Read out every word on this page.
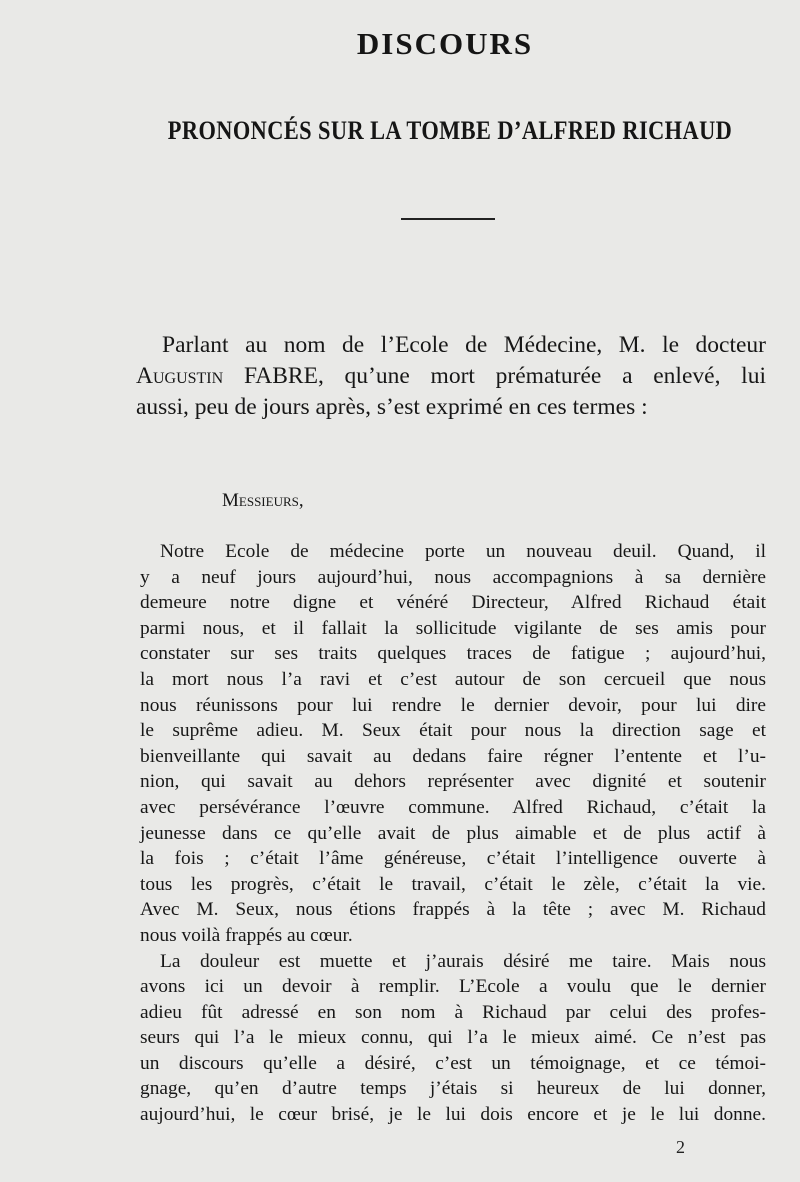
DISCOURS
PRONONCÉS SUR LA TOMBE D’ALFRED RICHAUD

Parlant au nom de l’Ecole de Médecine, M. le docteur
Augustin FABRE, qu’une mort prématurée a enlevé, lui
aussi, peu de jours après, s’est exprimé en ces termes :

Messieurs,

Notre Ecole de médecine porte un nouveau deuil. Quand, il
y a neuf jours aujourd’hui, nous accompagnions à sa dernière
demeure notre digne et vénéré Directeur, Alfred Richaud était
parmi nous, et il fallait la sollicitude vigilante de ses amis pour
constater sur ses traits quelques traces de fatigue ; aujourd’hui,
la mort nous l’a ravi et c’est autour de son cercueil que nous
nous réunissons pour lui rendre le dernier devoir, pour lui dire
le suprême adieu. M. Seux était pour nous la direction sage et
bienveillante qui savait au dedans faire régner l’entente et l’u-
nion, qui savait au dehors représenter avec dignité et soutenir
avec persévérance l’œuvre commune. Alfred Richaud, c’était la
jeunesse dans ce qu’elle avait de plus aimable et de plus actif à
la fois ; c’était l’âme généreuse, c’était l’intelligence ouverte à
tous les progrès, c’était le travail, c’était le zèle, c’était la vie.
Avec M. Seux, nous étions frappés à la tête ; avec M. Richaud
nous voilà frappés au cœur.
La douleur est muette et j’aurais désiré me taire. Mais nous
avons ici un devoir à remplir. L’Ecole a voulu que le dernier
adieu fût adressé en son nom à Richaud par celui des profes-
seurs qui l’a le mieux connu, qui l’a le mieux aimé. Ce n’est pas
un discours qu’elle a désiré, c’est un témoignage, et ce témoi-
gnage, qu’en d’autre temps j’étais si heureux de lui donner,
aujourd’hui, le cœur brisé, je le lui dois encore et je le lui donne.
2
